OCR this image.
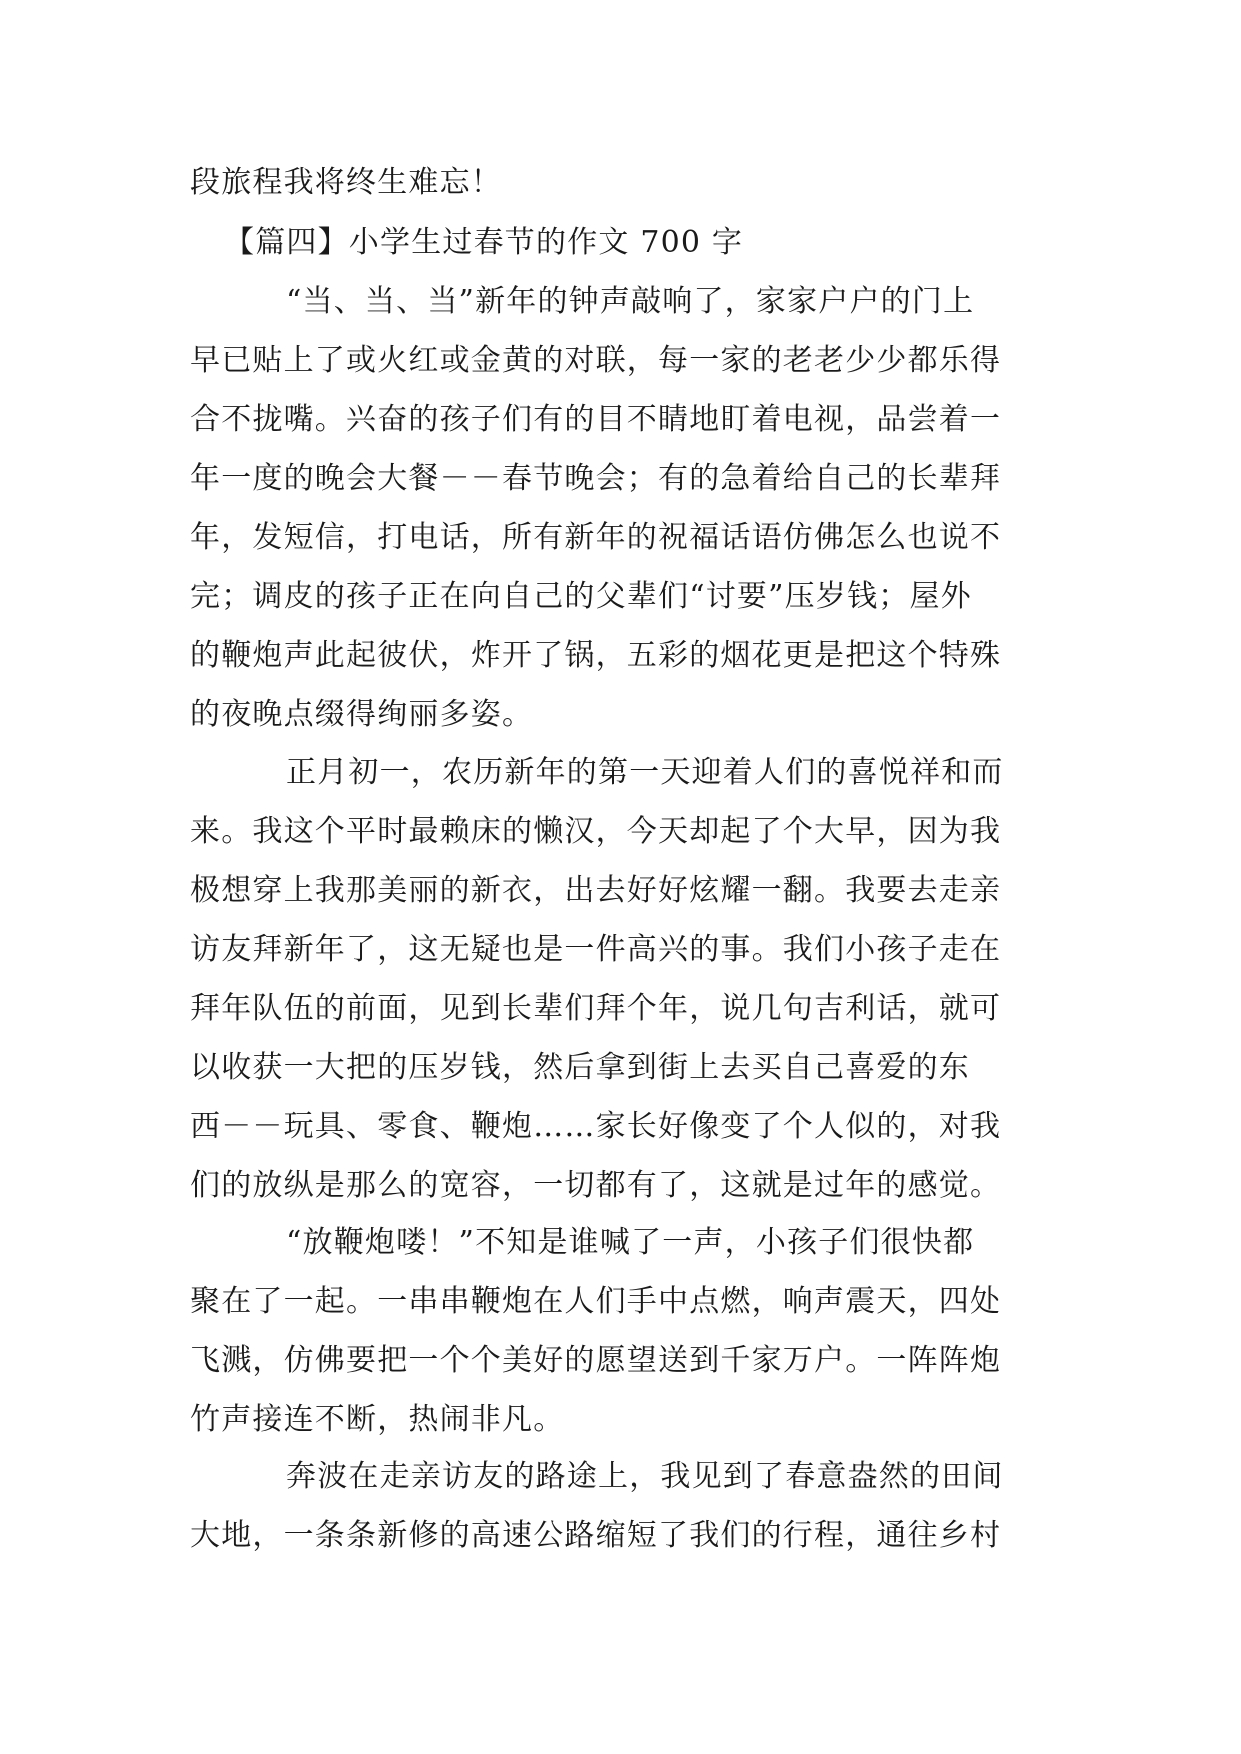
段旅程我将终生难忘！

【篇四】小学生过春节的作文 700 字

“当、当、当”新年的钟声敲响了，家家户户的门上
早已贴上了或火红或金黄的对联，每一家的老老少少都乐得
合不拢嘴。兴奋的孩子们有的目不睛地盯着电视，品尝着一
年一度的晚会大餐－－春节晚会；有的急着给自己的长辈拜
年，发短信，打电话，所有新年的祝福话语仿佛怎么也说不
完；调皮的孩子正在向自己的父辈们“讨要”压岁钱；屋外
的鞭炮声此起彼伏，炸开了锅，五彩的烟花更是把这个特殊
的夜晚点缀得绚丽多姿。

正月初一，农历新年的第一天迎着人们的喜悦祥和而
来。我这个平时最赖床的懒汉，今天却起了个大早，因为我
极想穿上我那美丽的新衣，出去好好炫耀一翻。我要去走亲
访友拜新年了，这无疑也是一件高兴的事。我们小孩子走在
拜年队伍的前面，见到长辈们拜个年，说几句吉利话，就可
以收获一大把的压岁钱，然后拿到街上去买自己喜爱的东
西－－玩具、零食、鞭炮……家长好像变了个人似的，对我
们的放纵是那么的宽容，一切都有了，这就是过年的感觉。

“放鞭炮喽！”不知是谁喊了一声，小孩子们很快都
聚在了一起。一串串鞭炮在人们手中点燃，响声震天，四处
飞溅，仿佛要把一个个美好的愿望送到千家万户。一阵阵炮
竹声接连不断，热闹非凡。

奔波在走亲访友的路途上，我见到了春意盎然的田间
大地，一条条新修的高速公路缩短了我们的行程，通往乡村
